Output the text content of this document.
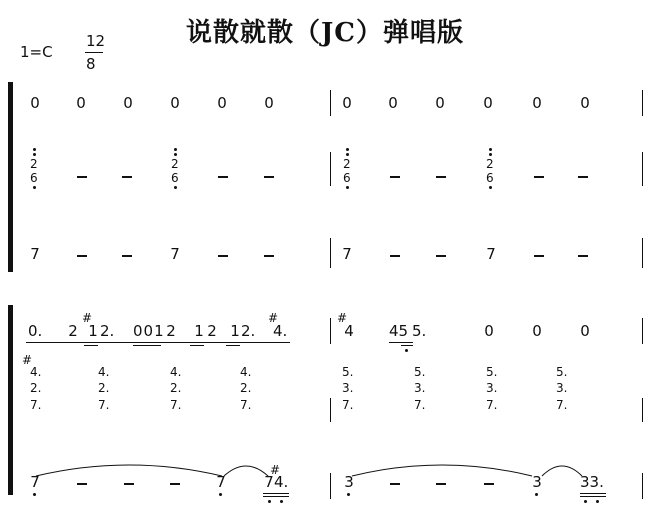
说散就散（JC）弹唱版
1=C
12
8
0 0 0 0 0 0	0 0 0	0	0	0
2
6
2
6
2
6
2
6
7	7	7	7
0. 2
#
1 2. 001 2 1 2 1 2.
#
4.
#
4 45 5.	0	0	0
#
4.
2.
7.
4.
2.
7.
4.
2.
7.
4.
2.
7.
5.
3.
7.
5.
3.
7.
5.
3.
7.
5.
3.
7.
7	7
#
7 4.	3	3	33.
